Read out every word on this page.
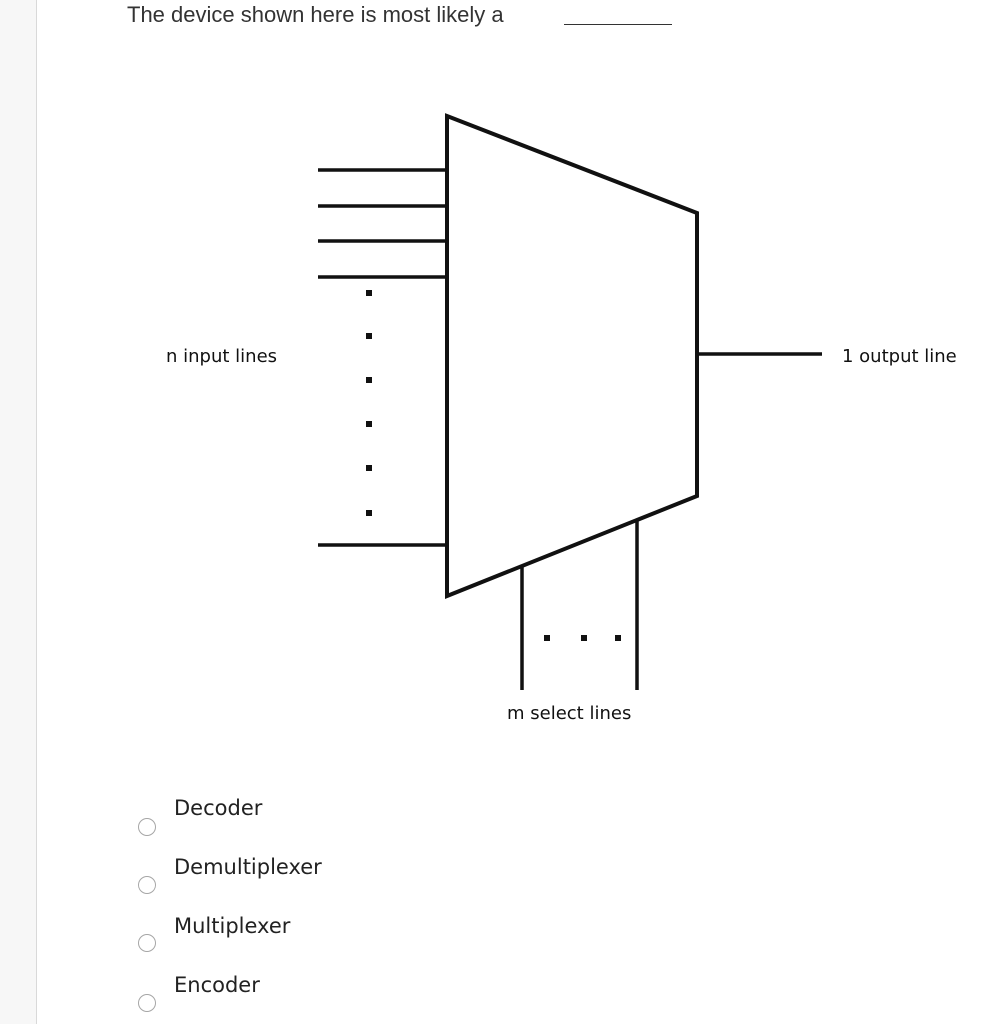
The device shown here is most likely a
n input lines	1 output line
m select lines
Decoder
Demultiplexer
Multiplexer
Encoder
